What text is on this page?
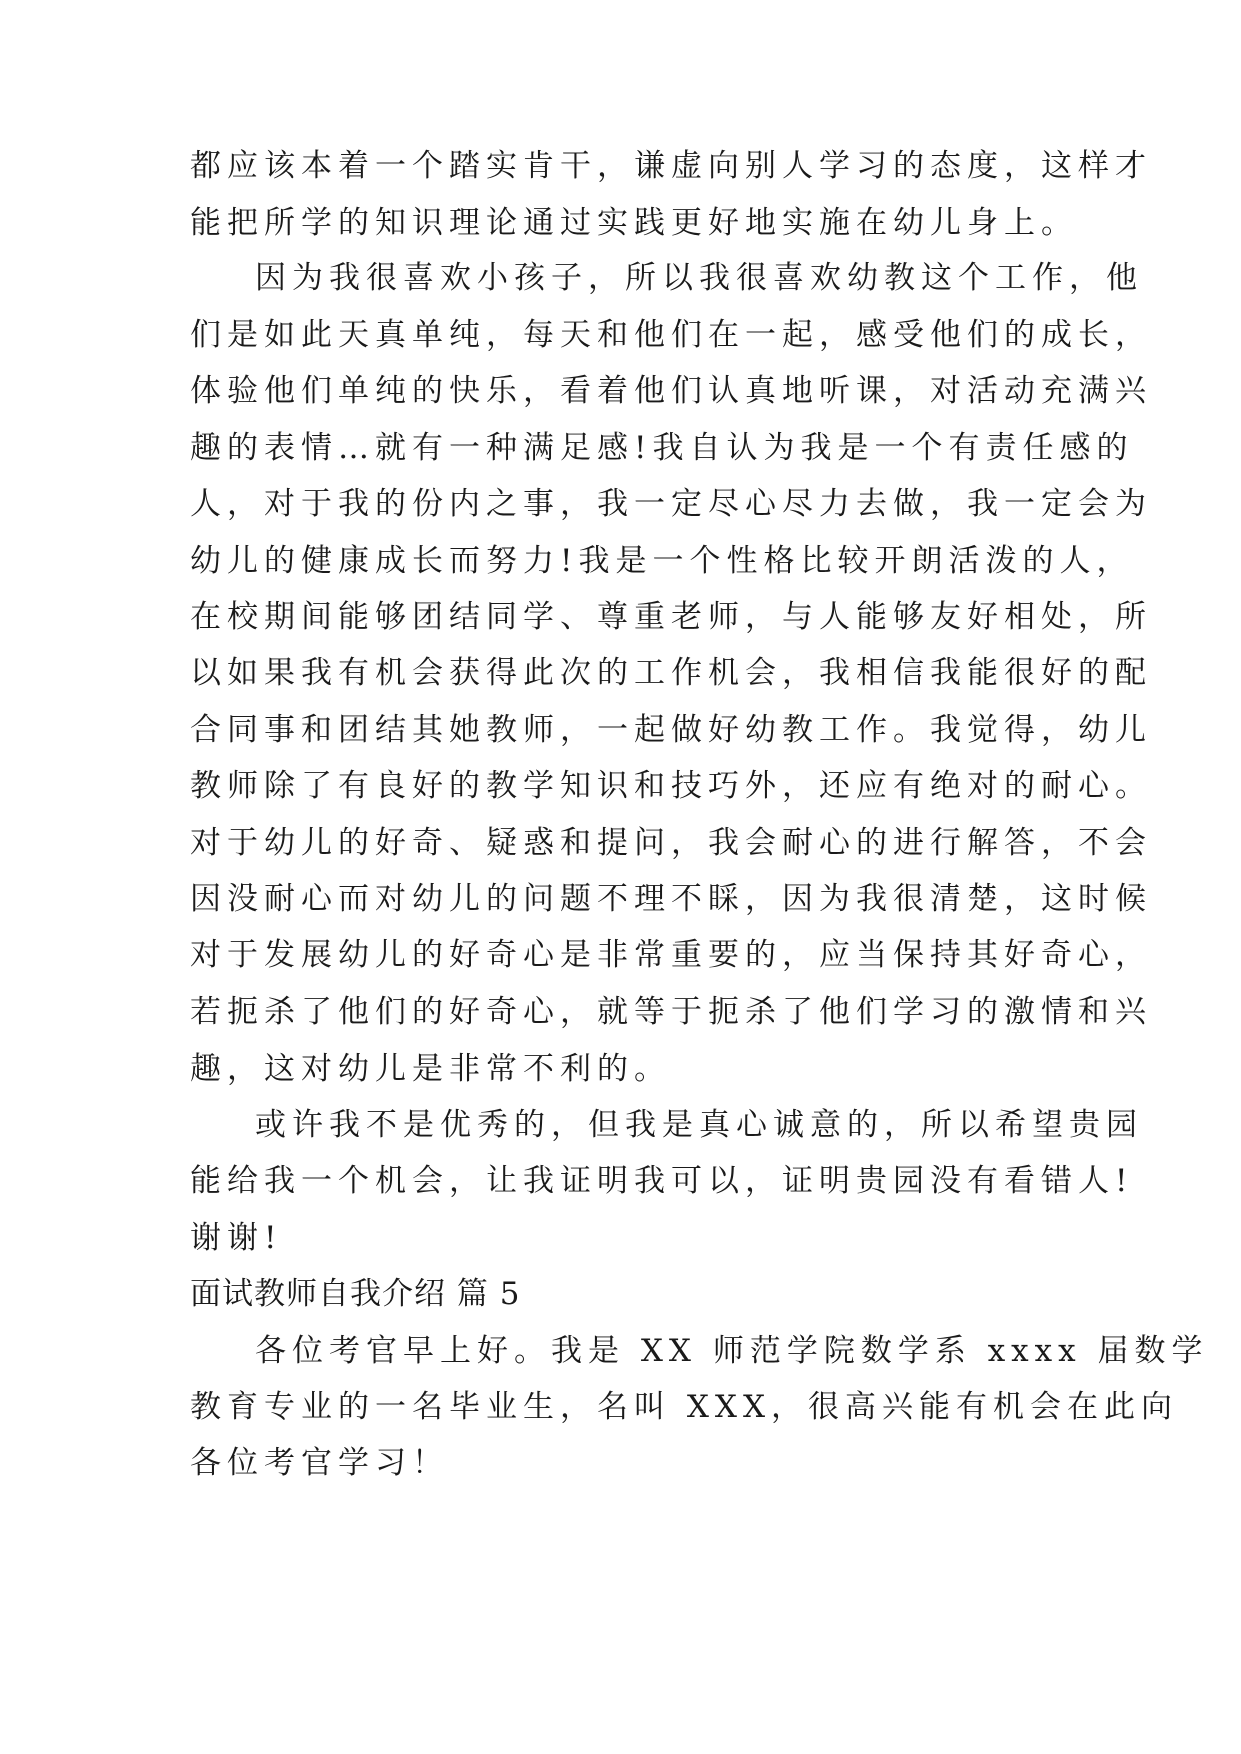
都应该本着一个踏实肯干，谦虚向别人学习的态度，这样才

能把所学的知识理论通过实践更好地实施在幼儿身上。

因为我很喜欢小孩子，所以我很喜欢幼教这个工作，他

们是如此天真单纯，每天和他们在一起，感受他们的成长，

体验他们单纯的快乐，看着他们认真地听课，对活动充满兴

趣的表情…就有一种满足感!我自认为我是一个有责任感的

人，对于我的份内之事，我一定尽心尽力去做，我一定会为

幼儿的健康成长而努力!我是一个性格比较开朗活泼的人，

在校期间能够团结同学、尊重老师，与人能够友好相处，所

以如果我有机会获得此次的工作机会，我相信我能很好的配

合同事和团结其她教师，一起做好幼教工作。我觉得，幼儿

教师除了有良好的教学知识和技巧外，还应有绝对的耐心。

对于幼儿的好奇、疑惑和提问，我会耐心的进行解答，不会

因没耐心而对幼儿的问题不理不睬，因为我很清楚，这时候

对于发展幼儿的好奇心是非常重要的，应当保持其好奇心，

若扼杀了他们的好奇心，就等于扼杀了他们学习的激情和兴

趣，这对幼儿是非常不利的。

或许我不是优秀的，但我是真心诚意的，所以希望贵园

能给我一个机会，让我证明我可以，证明贵园没有看错人!

谢谢!

面试教师自我介绍 篇 5

各位考官早上好。我是 XX 师范学院数学系 xxxx 届数学

教育专业的一名毕业生，名叫 XXX，很高兴能有机会在此向

各位考官学习！
